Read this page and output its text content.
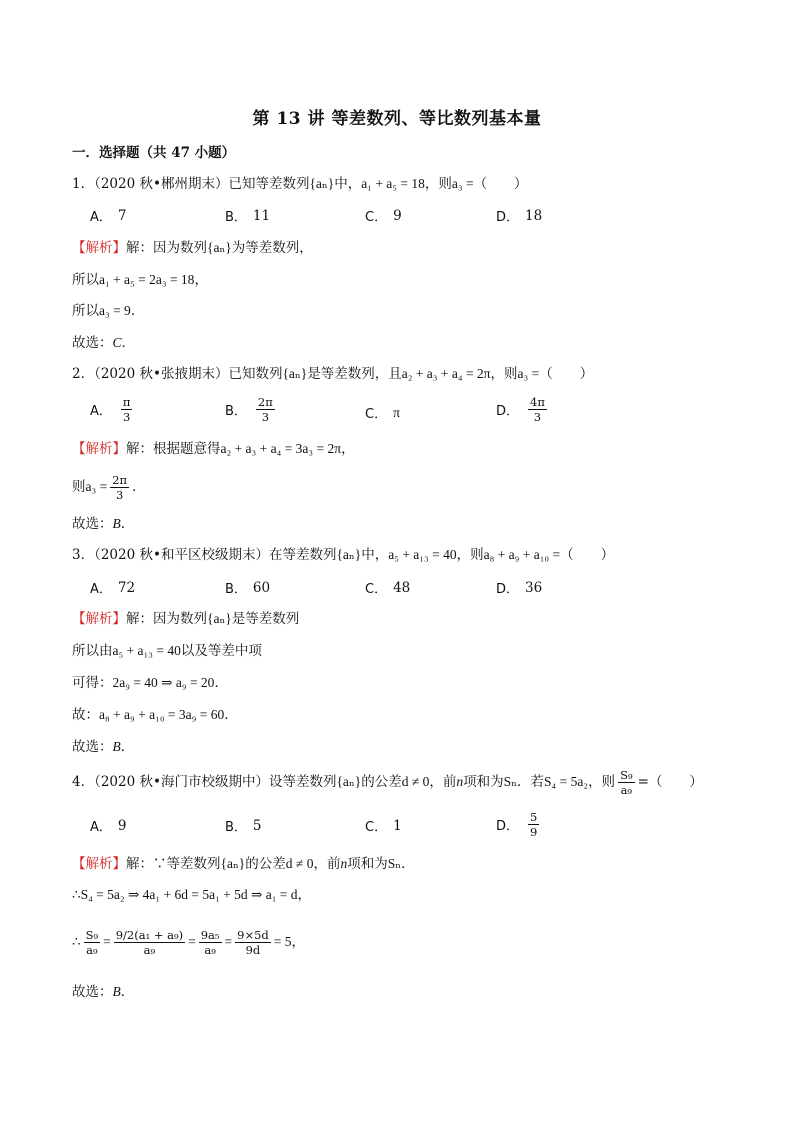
第 13 讲 等差数列、等比数列基本量
一．选择题（共 47 小题）
1．（2020 秋•郴州期末）已知等差数列{aₙ}中，a₁ + a₅ = 18，则a₃ =（　　）
A． 7	B． 11	C． 9	D． 18
【解析】解：因为数列{aₙ}为等差数列，
所以a₁ + a₅ = 2a₃ = 18，
所以a₃ = 9．
故选：C．
2．（2020 秋•张掖期末）已知数列{aₙ}是等差数列，且a₂ + a₃ + a₄ = 2π，则a₃ =（　　）
A． $\frac{\pi}{3}$	B． $\frac{2\pi}{3}$	C． π	D． $\frac{4\pi}{3}$
【解析】解：根据题意得a₂ + a₃ + a₄ = 3a₃ = 2π，
则 $a_3 = \frac{2\pi}{3}$ ．
故选：B．
3．（2020 秋•和平区校级期末）在等差数列{aₙ}中，a₅ + a₁₃ = 40，则a₈ + a₉ + a₁₀ =（　　）
A． 72	B． 60	C． 48	D． 36
【解析】解：因为数列{aₙ}是等差数列
所以由a₅ + a₁₃ = 40以及等差中项
可得：2a₉ = 40 ⇒ a₉ = 20．
故：a₈ + a₉ + a₁₀ = 3a₉ = 60．
故选：B．
4．（2020 秋•海门市校级期中）设等差数列 {aₙ} 的公差 d ≠ 0 ，前 n 项和为 Sₙ ．若 S₄ = 5a₂ ，则 $\frac{\text{S₉}}{\text{a₉}}$ =（　　）
A． 9	B． 5	C． 1	D． $\frac{5}{9}$
【解析】解：∵等差数列{aₙ}的公差d ≠ 0，前n项和为Sₙ．
∴S₄ = 5a₂ ⇒ 4a₁ + 6d = 5a₁ + 5d ⇒ a₁ = d，
∴ $\frac{\text{S₉}}{\text{a₉}} = \frac{\text{9/2(a₁ + a₉)}}{\text{a₉}} = \frac{\text{9a₅}}{\text{a₉}} = \frac{9\times 5d}{9d} = 5$ ，
故选：B．
